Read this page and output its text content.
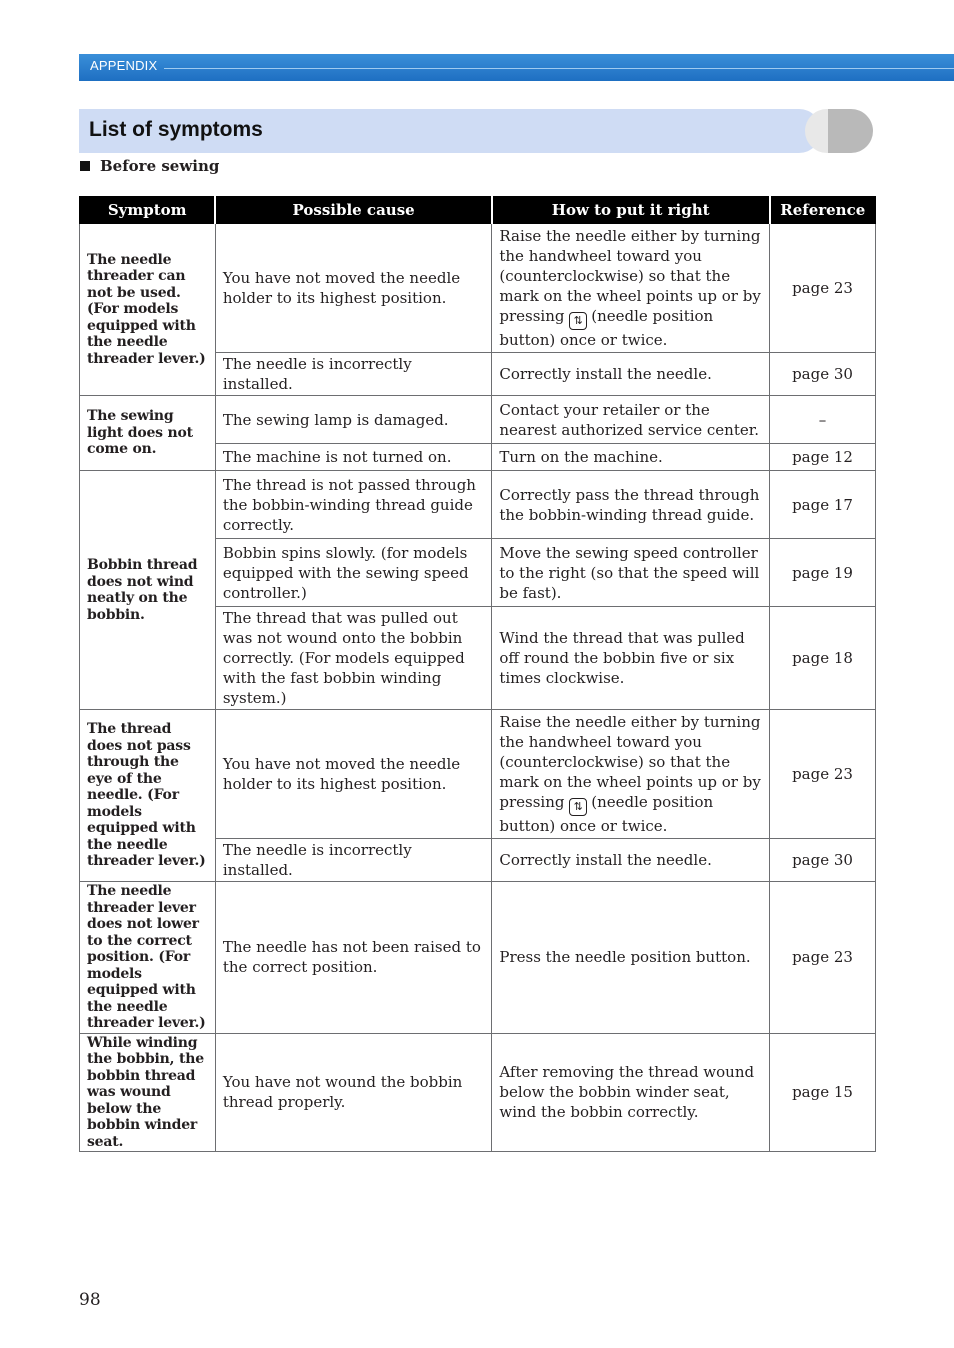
APPENDIX
List of symptoms
Before sewing
Symptom	Possible cause	How to put it right	Reference
The needle threader can not be used. (For models equipped with the needle threader lever.)	You have not moved the needle holder to its highest position.	Raise the needle either by turning the handwheel toward you (counterclockwise) so that the mark on the wheel points up or by pressing ⇅ (needle position button) once or twice.	page 23
	The needle is incorrectly installed.	Correctly install the needle.	page 30
The sewing light does not come on.	The sewing lamp is damaged.	Contact your retailer or the nearest authorized service center.	–
	The machine is not turned on.	Turn on the machine.	page 12
Bobbin thread does not wind neatly on the bobbin.	The thread is not passed through the bobbin-winding thread guide correctly.	Correctly pass the thread through the bobbin-winding thread guide.	page 17
	Bobbin spins slowly. (for models equipped with the sewing speed controller.)	Move the sewing speed controller to the right (so that the speed will be fast).	page 19
	The thread that was pulled out was not wound onto the bobbin correctly. (For models equipped with the fast bobbin winding system.)	Wind the thread that was pulled off round the bobbin five or six times clockwise.	page 18
The thread does not pass through the eye of the needle. (For models equipped with the needle threader lever.)	You have not moved the needle holder to its highest position.	Raise the needle either by turning the handwheel toward you (counterclockwise) so that the mark on the wheel points up or by pressing ⇅ (needle position button) once or twice.	page 23
	The needle is incorrectly installed.	Correctly install the needle.	page 30
The needle threader lever does not lower to the correct position. (For models equipped with the needle threader lever.)	The needle has not been raised to the correct position.	Press the needle position button.	page 23
While winding the bobbin, the bobbin thread was wound below the bobbin winder seat.	You have not wound the bobbin thread properly.	After removing the thread wound below the bobbin winder seat, wind the bobbin correctly.	page 15
98
